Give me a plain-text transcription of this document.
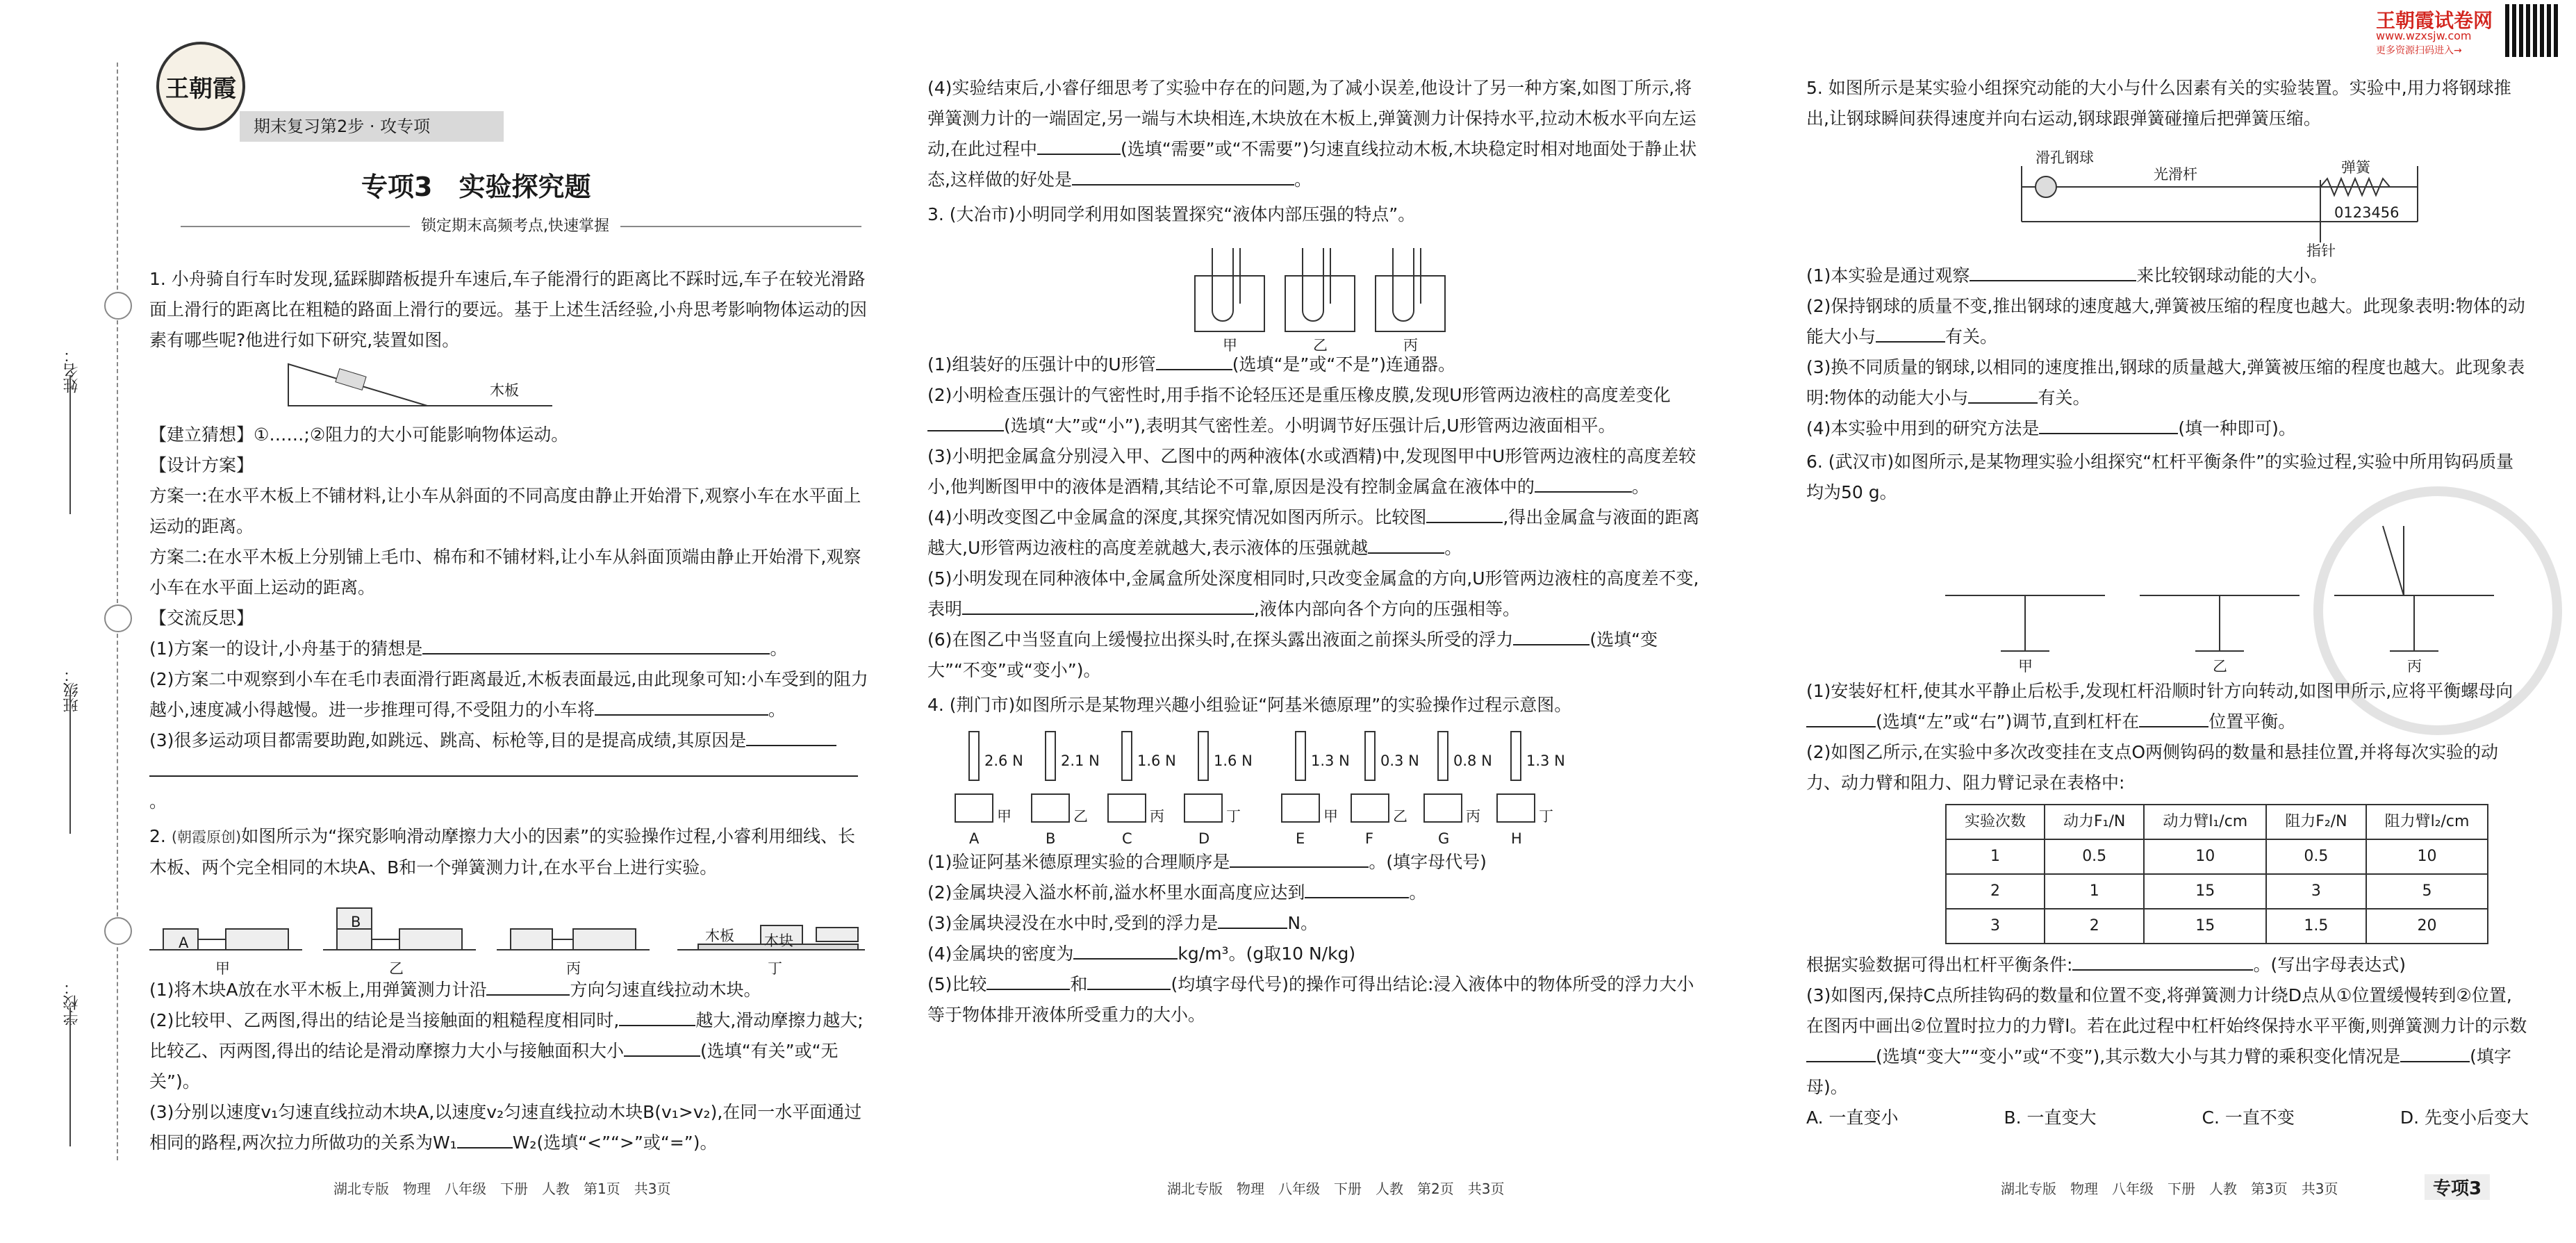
姓名：
班级：
学校：
王朝霞
期末复习第2步 · 攻专项
专项3　实验探究题
锁定期末高频考点,快速掌握
王朝霞试卷网
www.wzxsjw.com
更多资源扫码进入→

1. 小舟骑自行车时发现,猛踩脚踏板提升车速后,车子能滑行的距离比不踩时远,车子在较光滑路面上滑行的距离比在粗糙的路面上滑行的要远。基于上述生活经验,小舟思考影响物体运动的因素有哪些呢?他进行如下研究,装置如图。

木板

【建立猜想】①……;②阻力的大小可能影响物体运动。

【设计方案】

方案一:在水平木板上不铺材料,让小车从斜面的不同高度由静止开始滑下,观察小车在水平面上运动的距离。

方案二:在水平木板上分别铺上毛巾、棉布和不铺材料,让小车从斜面顶端由静止开始滑下,观察小车在水平面上运动的距离。

【交流反思】

(1)方案一的设计,小舟基于的猜想是	。

(2)方案二中观察到小车在毛巾表面滑行距离最近,木板表面最远,由此现象可知:小车受到的阻力越小,速度减小得越慢。进一步推理可得,不受阻力的小车将	。

(3)很多运动项目都需要助跑,如跳远、跳高、标枪等,目的是提高成绩,其原因是

。

2. (朝霞原创)如图所示为“探究影响滑动摩擦力大小的因素”的实验操作过程,小睿利用细线、长木板、两个完全相同的木块A、B和一个弹簧测力计,在水平台上进行实验。

A
B
木板 木块
甲	乙	丙	丁

(1)将木块A放在水平木板上,用弹簧测力计沿	方向匀速直线拉动木块。

(2)比较甲、乙两图,得出的结论是当接触面的粗糙程度相同时,	越大,滑动摩擦力越大;比较乙、丙两图,得出的结论是滑动摩擦力大小与接触面积大小	(选填“有关”或“无关”)。

(3)分别以速度v₁匀速直线拉动木块A,以速度v₂匀速直线拉动木块B(v₁>v₂),在同一水平面通过相同的路程,两次拉力所做功的关系为W₁	W₂(选填“<”“>”或“=”)。

湖北专版　物理　八年级　下册　人教　第1页　共3页

(4)实验结束后,小睿仔细思考了实验中存在的问题,为了减小误差,他设计了另一种方案,如图丁所示,将弹簧测力计的一端固定,另一端与木块相连,木块放在木板上,弹簧测力计保持水平,拉动木板水平向左运动,在此过程中	(选填“需要”或“不需要”)匀速直线拉动木板,木块稳定时相对地面处于静止状态,这样做的好处是	。

3. (大冶市)小明同学利用如图装置探究“液体内部压强的特点”。

甲	乙	丙

(1)组装好的压强计中的U形管	(选填“是”或“不是”)连通器。

(2)小明检查压强计的气密性时,用手指不论轻压还是重压橡皮膜,发现U形管两边液柱的高度差变化(选填“大”或“小”),表明其气密性差。小明调节好压强计后,U形管两边液面相平。

(3)小明把金属盒分别浸入甲、乙图中的两种液体(水或酒精)中,发现图甲中U形管两边液柱的高度差较小,他判断图甲中的液体是酒精,其结论不可靠,原因是没有控制金属盒在液体中的	。

(4)小明改变图乙中金属盒的深度,其探究情况如图丙所示。比较图	,得出金属盒与液面的距离越大,U形管两边液柱的高度差就越大,表示液体的压强就越	。

(5)小明发现在同种液体中,金属盒所处深度相同时,只改变金属盒的方向,U形管两边液柱的高度差不变,表明	,液体内部向各个方向的压强相等。

(6)在图乙中当竖直向上缓慢拉出探头时,在探头露出液面之前探头所受的浮力	(选填“变大”“不变”或“变小”)。

4. (荆门市)如图所示是某物理兴趣小组验证“阿基米德原理”的实验操作过程示意图。

2.6 N
A
甲
2.1 N
B
乙
1.6 N
C
丙
1.6 N
D
丁
1.3 N
E
甲
0.3 N
F
乙
0.8 N
G
丙
1.3 N
H
丁

(1)验证阿基米德原理实验的合理顺序是	。(填字母代号)

(2)金属块浸入溢水杯前,溢水杯里水面高度应达到	。

(3)金属块浸没在水中时,受到的浮力是	N。

(4)金属块的密度为	kg/m³。(g取10 N/kg)

(5)比较	和	(均填字母代号)的操作可得出结论:浸入液体中的物体所受的浮力大小等于物体排开液体所受重力的大小。

湖北专版　物理　八年级　下册　人教　第2页　共3页

5. 如图所示是某实验小组探究动能的大小与什么因素有关的实验装置。实验中,用力将钢球推出,让钢球瞬间获得速度并向右运动,钢球跟弹簧碰撞后把弹簧压缩。

滑孔钢球
光滑杆	弹簧
指针
0123456

(1)本实验是通过观察	来比较钢球动能的大小。

(2)保持钢球的质量不变,推出钢球的速度越大,弹簧被压缩的程度也越大。此现象表明:物体的动能大小与	有关。

(3)换不同质量的钢球,以相同的速度推出,钢球的质量越大,弹簧被压缩的程度也越大。此现象表明:物体的动能大小与	有关。

(4)本实验中用到的研究方法是	(填一种即可)。

6. (武汉市)如图所示,是某物理实验小组探究“杠杆平衡条件”的实验过程,实验中所用钩码质量均为50 g。

甲	乙	丙

(1)安装好杠杆,使其水平静止后松手,发现杠杆沿顺时针方向转动,如图甲所示,应将平衡螺母向(选填“左”或“右”)调节,直到杠杆在	位置平衡。

(2)如图乙所示,在实验中多次改变挂在支点O两侧钩码的数量和悬挂位置,并将每次实验的动力、动力臂和阻力、阻力臂记录在表格中:

实验次数	动力F₁/N	动力臂l₁/cm	阻力F₂/N	阻力臂l₂/cm
1	0.5	10	0.5	10
2	1	15	3	5
3	2	15	1.5	20

根据实验数据可得出杠杆平衡条件:	。(写出字母表达式)

(3)如图丙,保持C点所挂钩码的数量和位置不变,将弹簧测力计绕D点从①位置缓慢转到②位置,在图丙中画出②位置时拉力的力臂l。若在此过程中杠杆始终保持水平平衡,则弹簧测力计的示数(选填“变大”“变小”或“不变”),其示数大小与其力臂的乘积变化情况是	(填字母)。

A. 一直变小	B. 一直变大	C. 一直不变	D. 先变小后变大
湖北专版　物理　八年级　下册　人教　第3页　共3页	专项3
